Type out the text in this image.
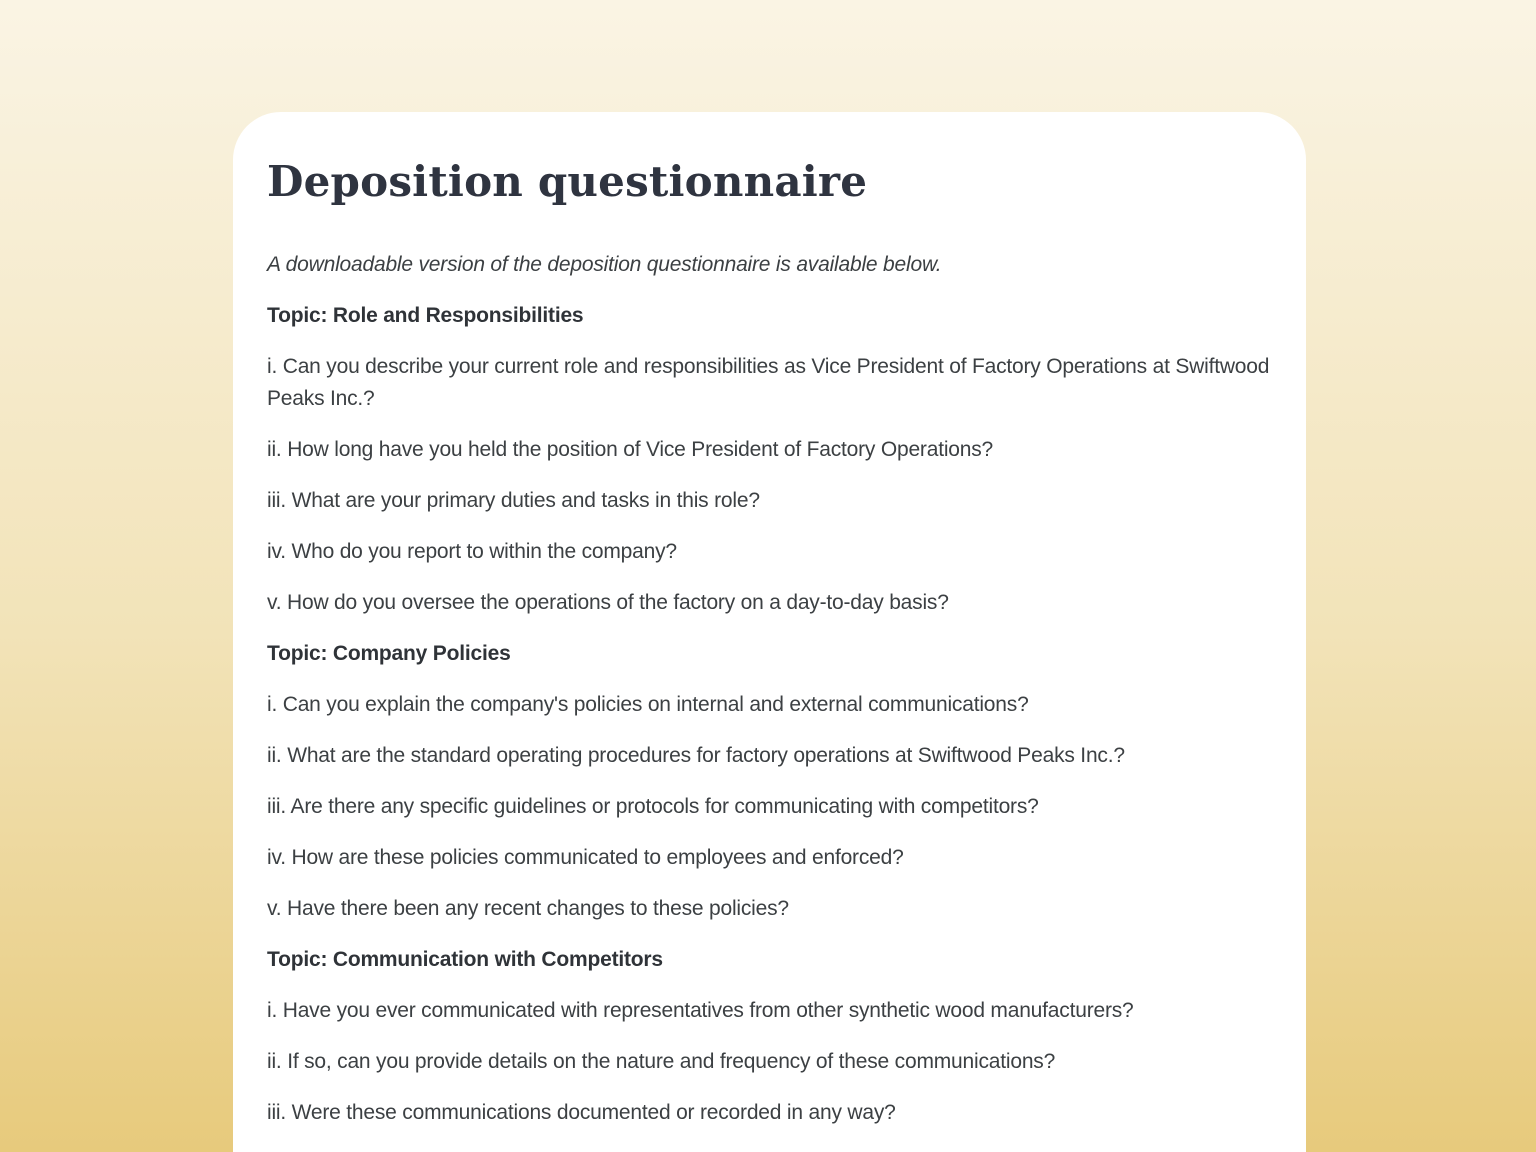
Deposition questionnaire

A downloadable version of the deposition questionnaire is available below.

Topic: Role and Responsibilities

i. Can you describe your current role and responsibilities as Vice President of Factory Operations at Swiftwood Peaks Inc.?

ii. How long have you held the position of Vice President of Factory Operations?

iii. What are your primary duties and tasks in this role?

iv. Who do you report to within the company?

v. How do you oversee the operations of the factory on a day-to-day basis?

Topic: Company Policies

i. Can you explain the company's policies on internal and external communications?

ii. What are the standard operating procedures for factory operations at Swiftwood Peaks Inc.?

iii. Are there any specific guidelines or protocols for communicating with competitors?

iv. How are these policies communicated to employees and enforced?

v. Have there been any recent changes to these policies?

Topic: Communication with Competitors

i. Have you ever communicated with representatives from other synthetic wood manufacturers?

ii. If so, can you provide details on the nature and frequency of these communications?

iii. Were these communications documented or recorded in any way?
